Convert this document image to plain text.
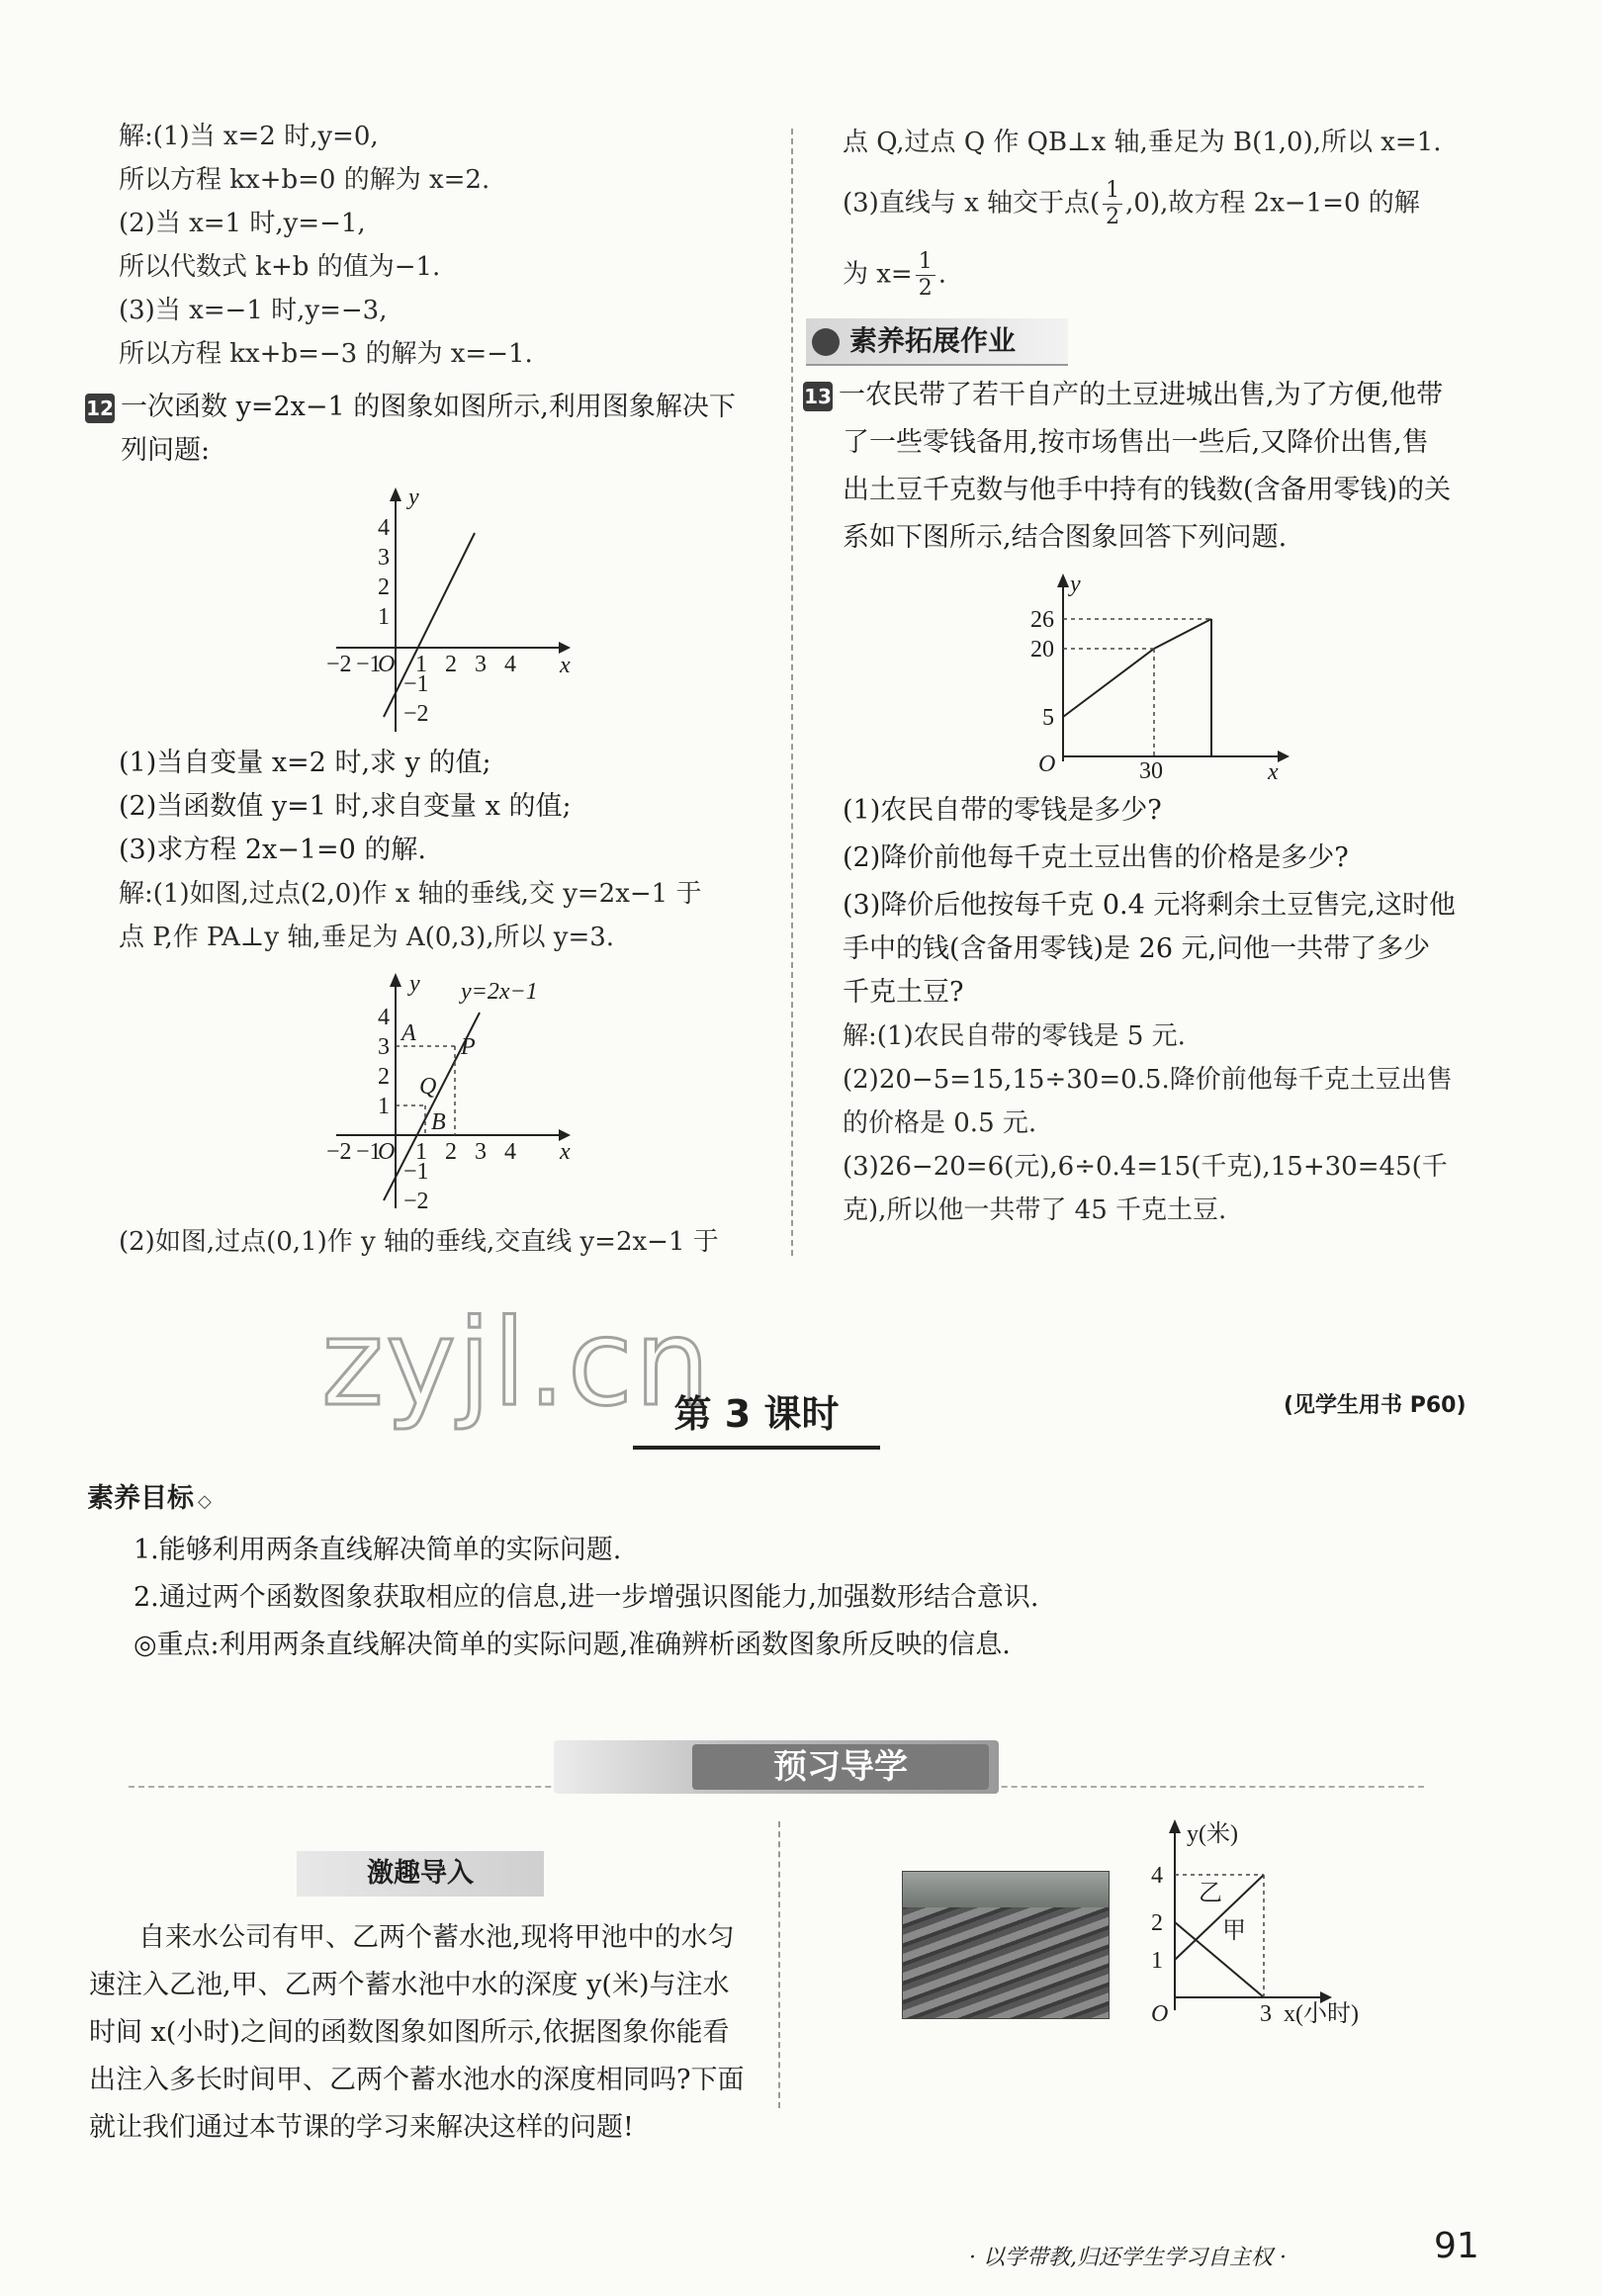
解:(1)当 x=2 时,y=0,
所以方程 kx+b=0 的解为 x=2.
(2)当 x=1 时,y=−1,
所以代数式 k+b 的值为−1.
(3)当 x=−1 时,y=−3,
所以方程 kx+b=−3 的解为 x=−1.
12 一次函数 y=2x−1 的图象如图所示,利用图象解决下
列问题:
y
x
O
−2 −1 1 2 3 4
4
3
2
1
−1
−2
(1)当自变量 x=2 时,求 y 的值;
(2)当函数值 y=1 时,求自变量 x 的值;
(3)求方程 2x−1=0 的解.
解:(1)如图,过点(2,0)作 x 轴的垂线,交 y=2x−1 于
点 P,作 PA⊥y 轴,垂足为 A(0,3),所以 y=3.
y y=2x−1
A
P
Q
B
x
O
−2 −1 1 2 3 4
4
3
2
1
−1
−2
(2)如图,过点(0,1)作 y 轴的垂线,交直线 y=2x−1 于
点 Q,过点 Q 作 QB⊥x 轴,垂足为 B(1,0),所以 x=1.
(3)直线与 x 轴交于点( $\frac{1}{2} ,0$),故方程 2x−1=0 的解
为 $x= \frac{1}{2}$ .
素养拓展作业
13 一农民带了若干自产的土豆进城出售,为了方便,他带
了一些零钱备用,按市场售出一些后,又降价出售,售
出土豆千克数与他手中持有的钱数(含备用零钱)的关
系如下图所示,结合图象回答下列问题.
y
x
O
26
20
5
30
(1)农民自带的零钱是多少?
(2)降价前他每千克土豆出售的价格是多少?
(3)降价后他按每千克 0.4 元将剩余土豆售完,这时他
手中的钱(含备用零钱)是 26 元,问他一共带了多少
千克土豆?
解:(1)农民自带的零钱是 5 元.
(2)20−5=15,15÷30=0.5.降价前他每千克土豆出售
的价格是 0.5 元.
(3)26−20=6(元),6÷0.4=15(千克),15+30=45(千
克),所以他一共带了 45 千克土豆.
zyjl.cn
第 3 课时	(见学生用书 P60)
素养目标 ◇
1.能够利用两条直线解决简单的实际问题.
2.通过两个函数图象获取相应的信息,进一步增强识图能力,加强数形结合意识.
◎重点:利用两条直线解决简单的实际问题,准确辨析函数图象所反映的信息.
预习导学
激趣导入
自来水公司有甲、乙两个蓄水池,现将甲池中的水匀
速注入乙池,甲、乙两个蓄水池中水的深度 y(米)与注水
时间 x(小时)之间的函数图象如图所示,依据图象你能看
出注入多长时间甲、乙两个蓄水池水的深度相同吗?下面
就让我们通过本节课的学习来解决这样的问题!
y(米)
x(小时)
O
4
2
1
3
乙
甲
· 以学带教,归还学生学习自主权 ·	91
